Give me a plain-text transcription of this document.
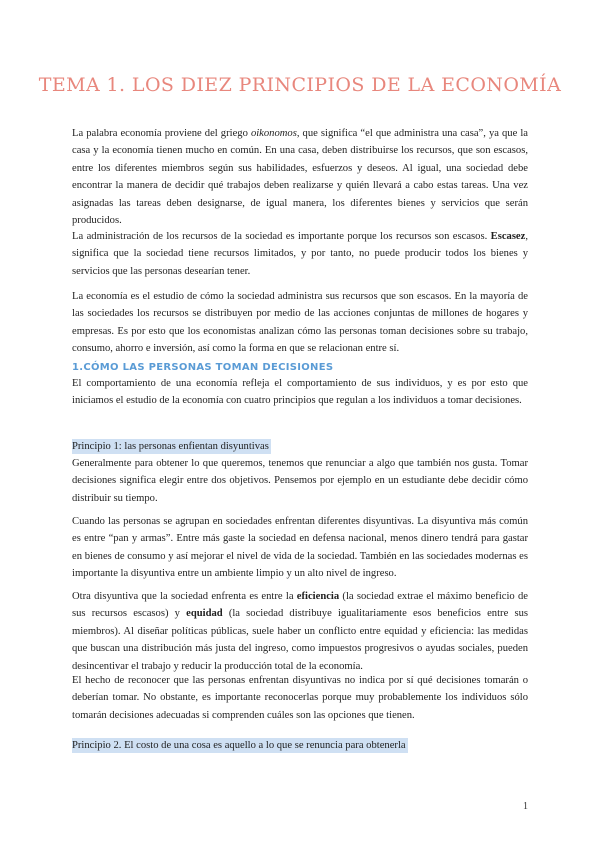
TEMA 1. LOS DIEZ PRINCIPIOS DE LA ECONOMÍA

La palabra economía proviene del griego oikonomos, que significa “el que administra una casa”, ya que la casa y la economía tienen mucho en común. En una casa, deben distribuirse los recursos, que son escasos, entre los diferentes miembros según sus habilidades, esfuerzos y deseos. Al igual, una sociedad debe encontrar la manera de decidir qué trabajos deben realizarse y quién llevará a cabo estas tareas. Una vez asignadas las tareas deben designarse, de igual manera, los diferentes bienes y servicios que serán producidos.

La administración de los recursos de la sociedad es importante porque los recursos son escasos. Escasez, significa que la sociedad tiene recursos limitados, y por tanto, no puede producir todos los bienes y servicios que las personas desearían tener.

La economía es el estudio de cómo la sociedad administra sus recursos que son escasos. En la mayoría de las sociedades los recursos se distribuyen por medio de las acciones conjuntas de millones de hogares y empresas. Es por esto que los economistas analizan cómo las personas toman decisiones sobre su trabajo, consumo, ahorro e inversión, así como la forma en que se relacionan entre sí.

1.CÓMO LAS PERSONAS TOMAN DECISIONES

El comportamiento de una economía refleja el comportamiento de sus individuos, y es por esto que iniciamos el estudio de la economía con cuatro principios que regulan a los individuos a tomar decisiones.

Principio 1: las personas enfientan disyuntivas

Generalmente para obtener lo que queremos, tenemos que renunciar a algo que también nos gusta. Tomar decisiones significa elegir entre dos objetivos. Pensemos por ejemplo en un estudiante debe decidir cómo distribuir su tiempo.

Cuando las personas se agrupan en sociedades enfrentan diferentes disyuntivas. La disyuntiva más común es entre “pan y armas”. Entre más gaste la sociedad en defensa nacional, menos dinero tendrá para gastar en bienes de consumo y así mejorar el nivel de vida de la sociedad. También en las sociedades modernas es importante la disyuntiva entre un ambiente limpio y un alto nivel de ingreso.

Otra disyuntiva que la sociedad enfrenta es entre la eficiencia (la sociedad extrae el máximo beneficio de sus recursos escasos) y equidad (la sociedad distribuye igualitariamente esos beneficios entre sus miembros). Al diseñar políticas públicas, suele haber un conflicto entre equidad y eficiencia: las medidas que buscan una distribución más justa del ingreso, como impuestos progresivos o ayudas sociales, pueden desincentivar el trabajo y reducir la producción total de la economía.

El hecho de reconocer que las personas enfrentan disyuntivas no indica por sí qué decisiones tomarán o deberían tomar. No obstante, es importante reconocerlas porque muy probablemente los individuos sólo tomarán decisiones adecuadas si comprenden cuáles son las opciones que tienen.

Principio 2. El costo de una cosa es aquello a lo que se renuncia para obtenerla
1
